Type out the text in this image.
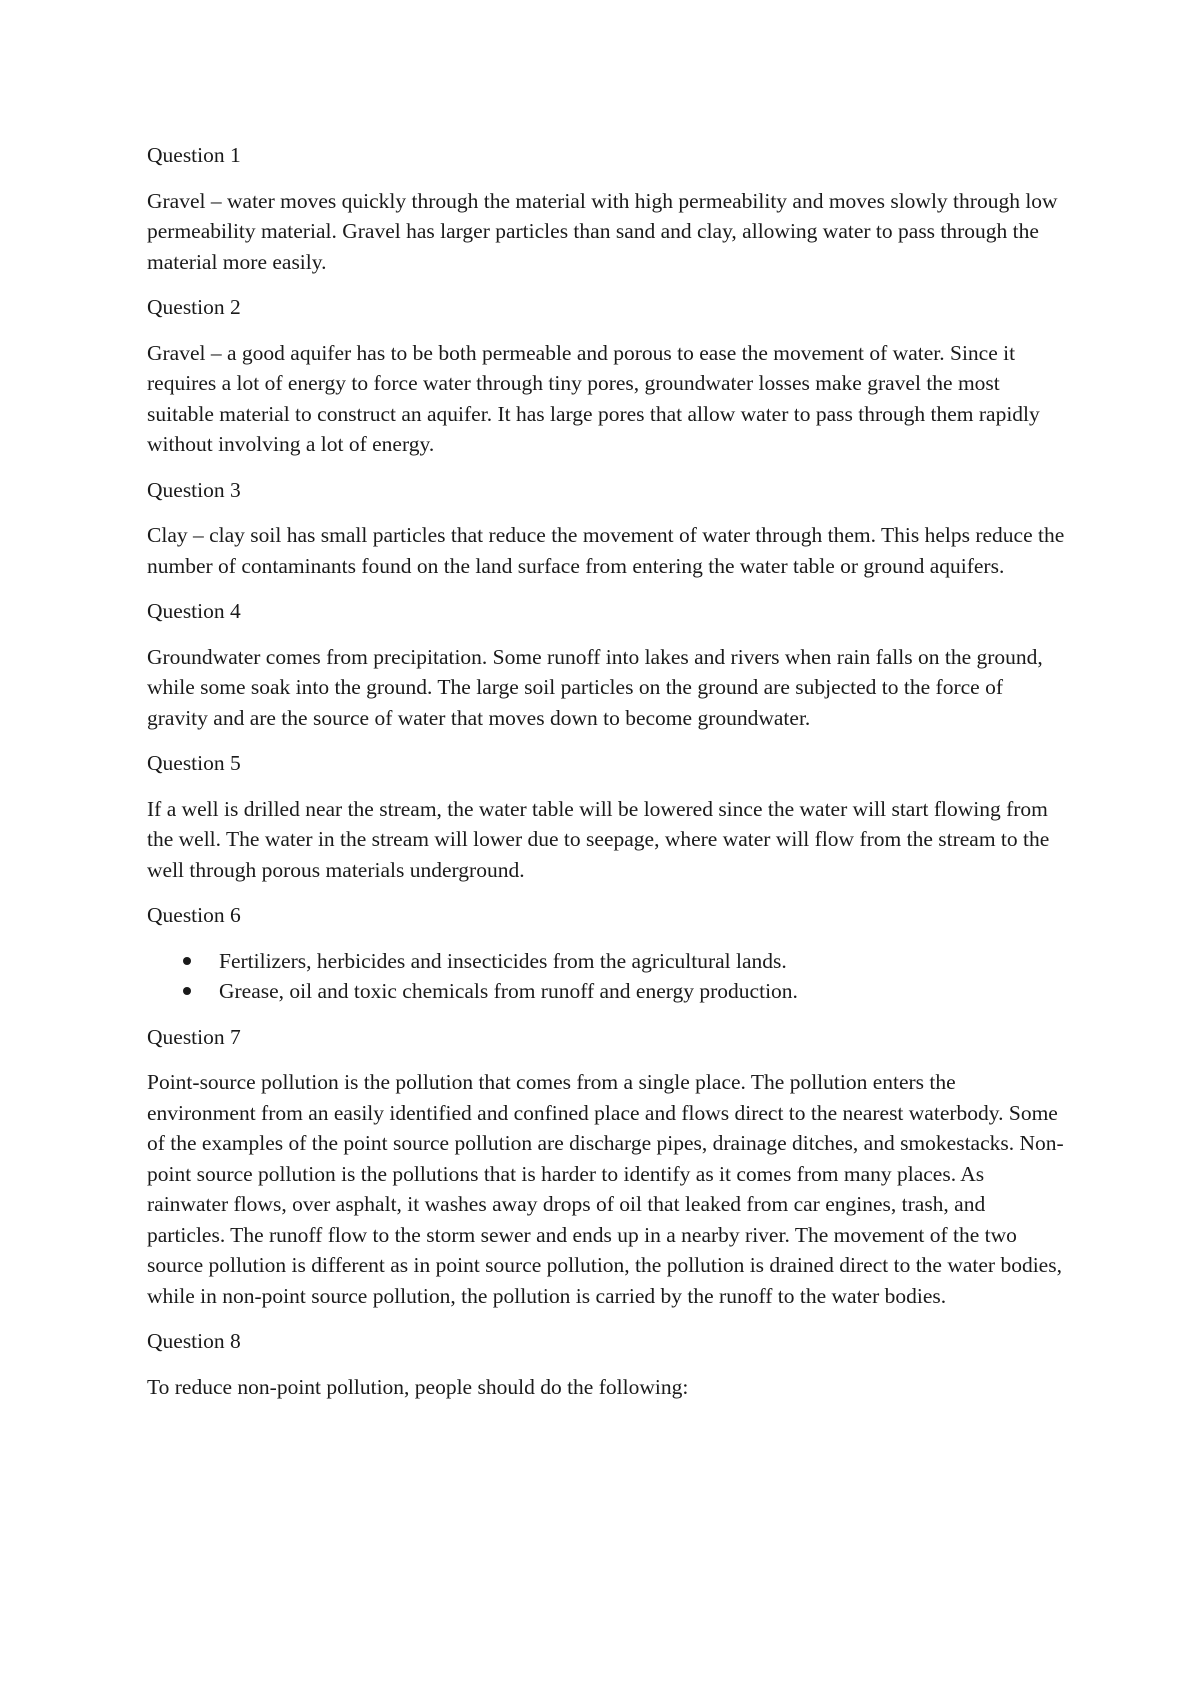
Question 1

Gravel – water moves quickly through the material with high permeability and moves slowly through low permeability material. Gravel has larger particles than sand and clay, allowing water to pass through the material more easily.

Question 2

Gravel – a good aquifer has to be both permeable and porous to ease the movement of water. Since it requires a lot of energy to force water through tiny pores, groundwater losses make gravel the most suitable material to construct an aquifer. It has large pores that allow water to pass through them rapidly without involving a lot of energy.

Question 3

Clay – clay soil has small particles that reduce the movement of water through them. This helps reduce the number of contaminants found on the land surface from entering the water table or ground aquifers.

Question 4

Groundwater comes from precipitation. Some runoff into lakes and rivers when rain falls on the ground, while some soak into the ground. The large soil particles on the ground are subjected to the force of gravity and are the source of water that moves down to become groundwater.

Question 5

If a well is drilled near the stream, the water table will be lowered since the water will start flowing from the well. The water in the stream will lower due to seepage, where water will flow from the stream to the well through porous materials underground.

Question 6

Fertilizers, herbicides and insecticides from the agricultural lands.
Grease, oil and toxic chemicals from runoff and energy production.

Question 7

Point-source pollution is the pollution that comes from a single place. The pollution enters the environment from an easily identified and confined place and flows direct to the nearest waterbody. Some of the examples of the point source pollution are discharge pipes, drainage ditches, and smokestacks. Non-point source pollution is the pollutions that is harder to identify as it comes from many places. As rainwater flows, over asphalt, it washes away drops of oil that leaked from car engines, trash, and particles. The runoff flow to the storm sewer and ends up in a nearby river. The movement of the two source pollution is different as in point source pollution, the pollution is drained direct to the water bodies, while in non-point source pollution, the pollution is carried by the runoff to the water bodies.

Question 8

To reduce non-point pollution, people should do the following:
